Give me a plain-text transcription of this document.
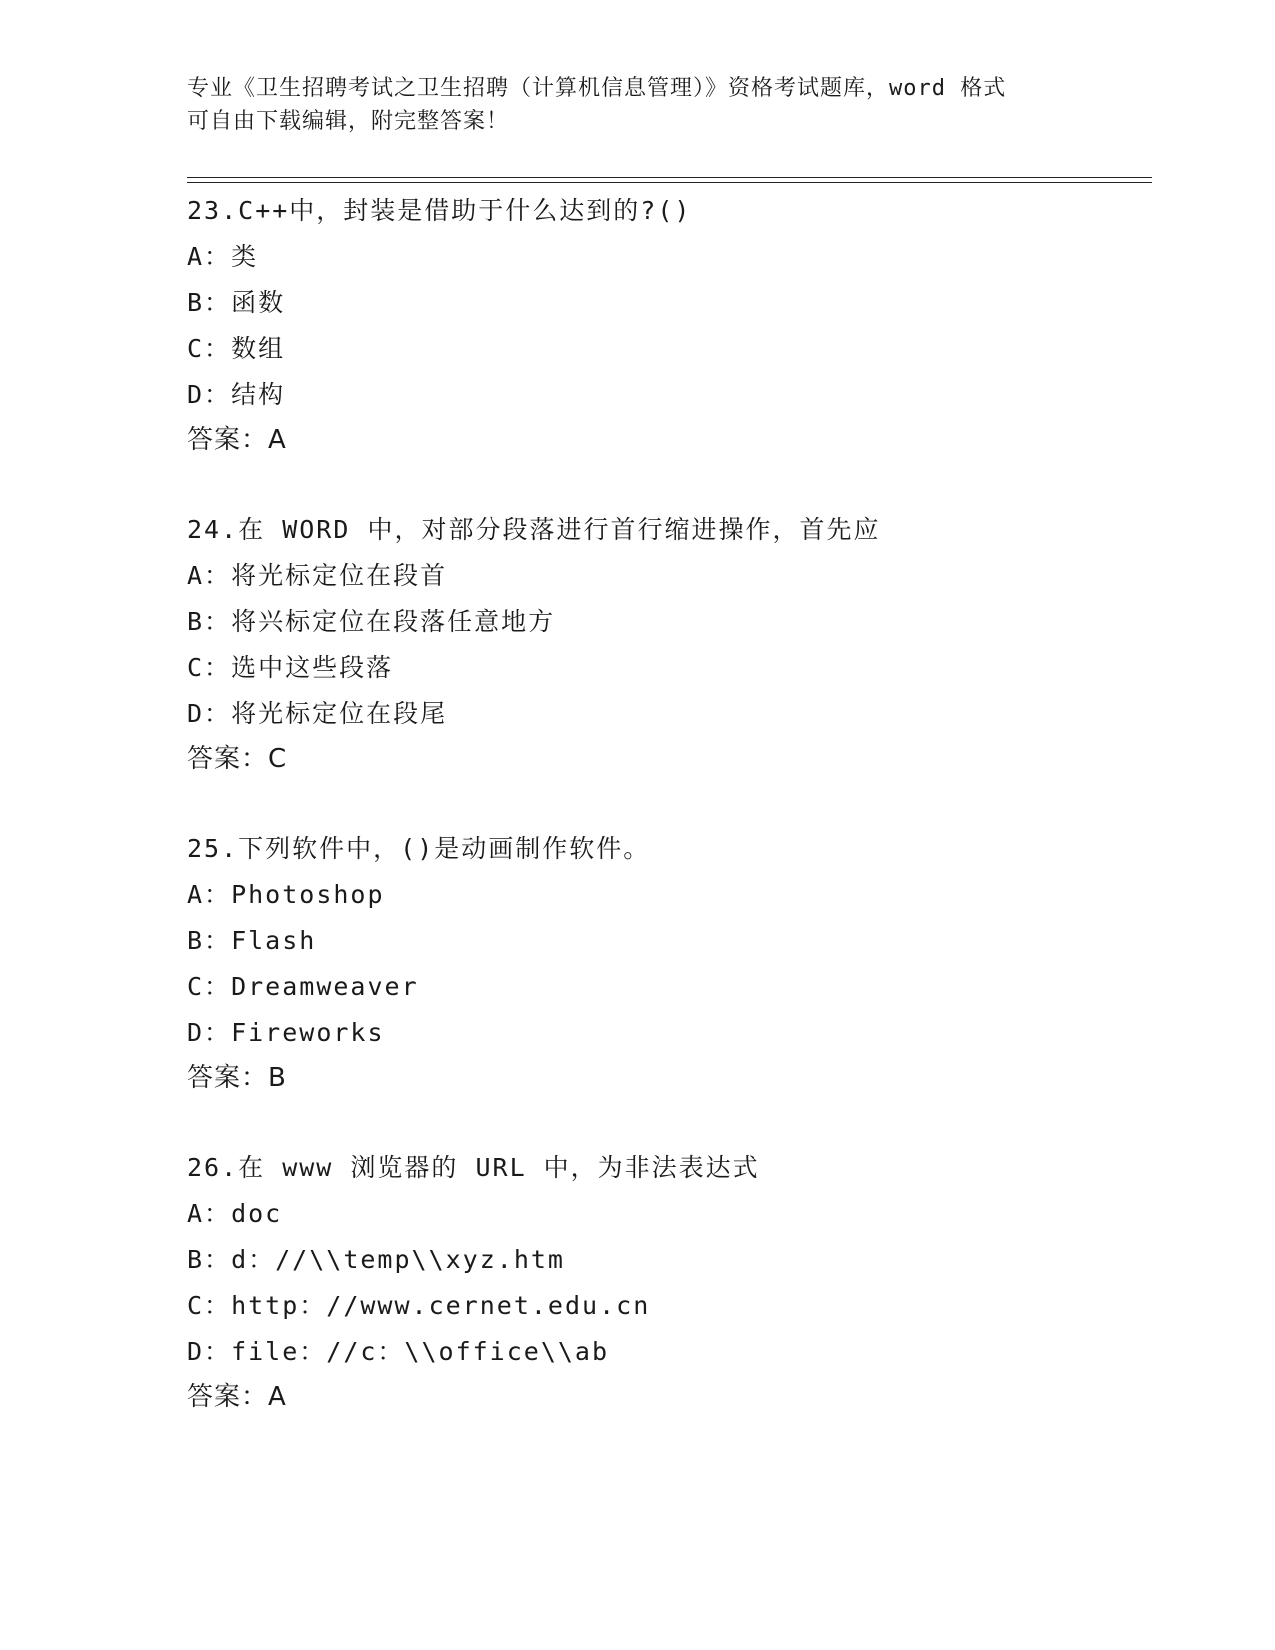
专业《卫生招聘考试之卫生招聘（计算机信息管理）》资格考试题库，word 格式
可自由下载编辑，附完整答案！
23.C++中，封装是借助于什么达到的?()
A：类
B：函数
C：数组
D：结构
答案：A
24.在 WORD 中，对部分段落进行首行缩进操作，首先应
A：将光标定位在段首
B：将兴标定位在段落任意地方
C：选中这些段落
D：将光标定位在段尾
答案：C
25.下列软件中，()是动画制作软件。
A：Photoshop
B：Flash
C：Dreamweaver
D：Fireworks
答案：B
26.在 www 浏览器的 URL 中，为非法表达式
A：doc
B：d：//\\temp\\xyz.htm
C：http：//www.cernet.edu.cn
D：file：//c：\\office\\ab
答案：A
